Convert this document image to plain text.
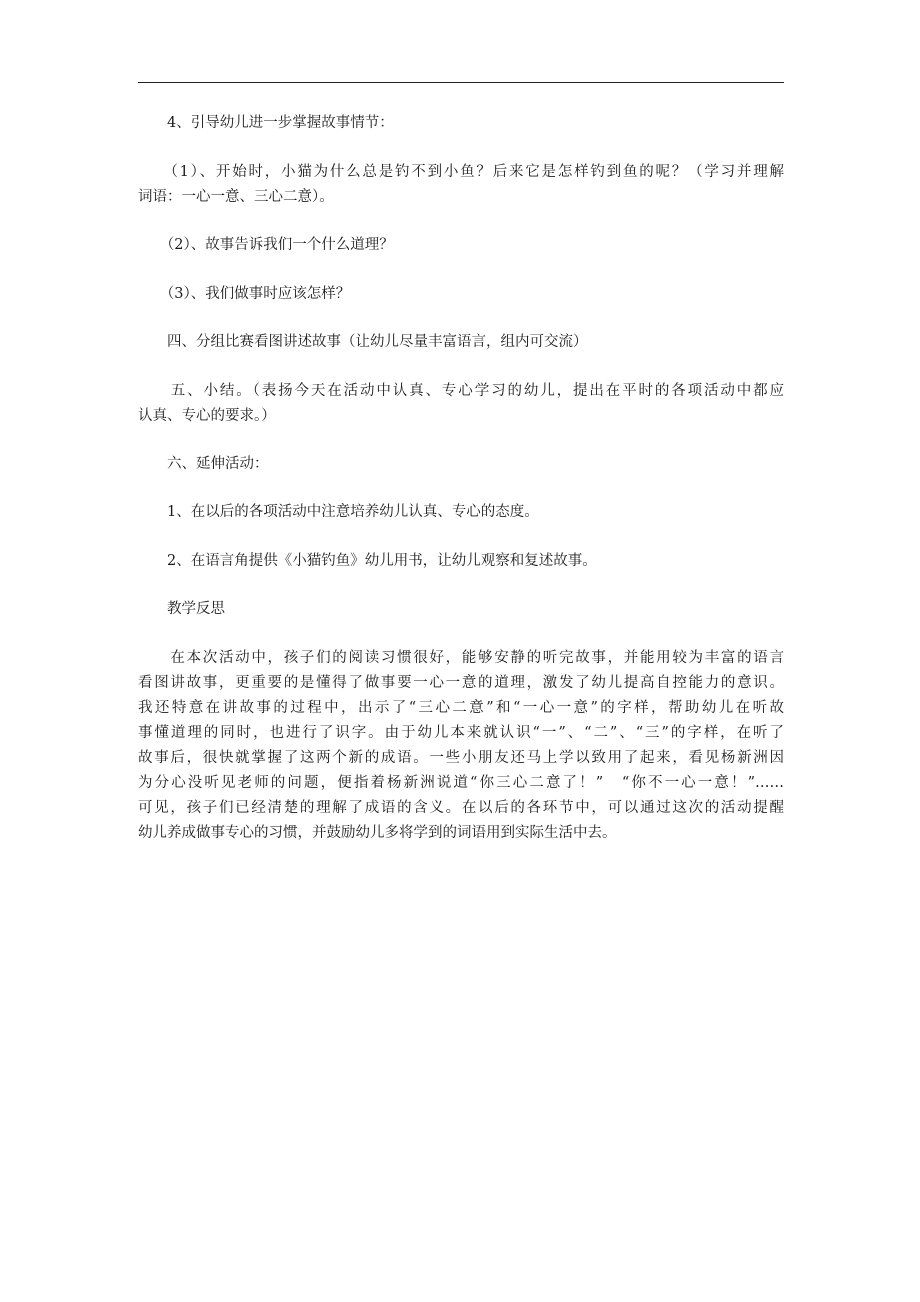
　　4、引导幼儿进一步掌握故事情节：
　　（1）、开始时，小猫为什么总是钓不到小鱼？后来它是怎样钓到鱼的呢？（学习并理解
词语：一心一意、三心二意）。
　　（2）、故事告诉我们一个什么道理？
　　（3）、我们做事时应该怎样？
　　四、分组比赛看图讲述故事（让幼儿尽量丰富语言，组内可交流）
　　五、小结。（表扬今天在活动中认真、专心学习的幼儿，提出在平时的各项活动中都应
认真、专心的要求。）
　　六、延伸活动：
　　1、在以后的各项活动中注意培养幼儿认真、专心的态度。
　　2、在语言角提供《小猫钓鱼》幼儿用书，让幼儿观察和复述故事。
　　教学反思
　　在本次活动中，孩子们的阅读习惯很好，能够安静的听完故事，并能用较为丰富的语言
看图讲故事，更重要的是懂得了做事要一心一意的道理，激发了幼儿提高自控能力的意识。
我还特意在讲故事的过程中，出示了“三心二意”和“一心一意”的字样，帮助幼儿在听故
事懂道理的同时，也进行了识字。由于幼儿本来就认识“一”、“二”、“三”的字样，在听了
故事后，很快就掌握了这两个新的成语。一些小朋友还马上学以致用了起来，看见杨新洲因
为分心没听见老师的问题，便指着杨新洲说道“你三心二意了！”　“你不一心一意！”……
可见，孩子们已经清楚的理解了成语的含义。在以后的各环节中，可以通过这次的活动提醒
幼儿养成做事专心的习惯，并鼓励幼儿多将学到的词语用到实际生活中去。
